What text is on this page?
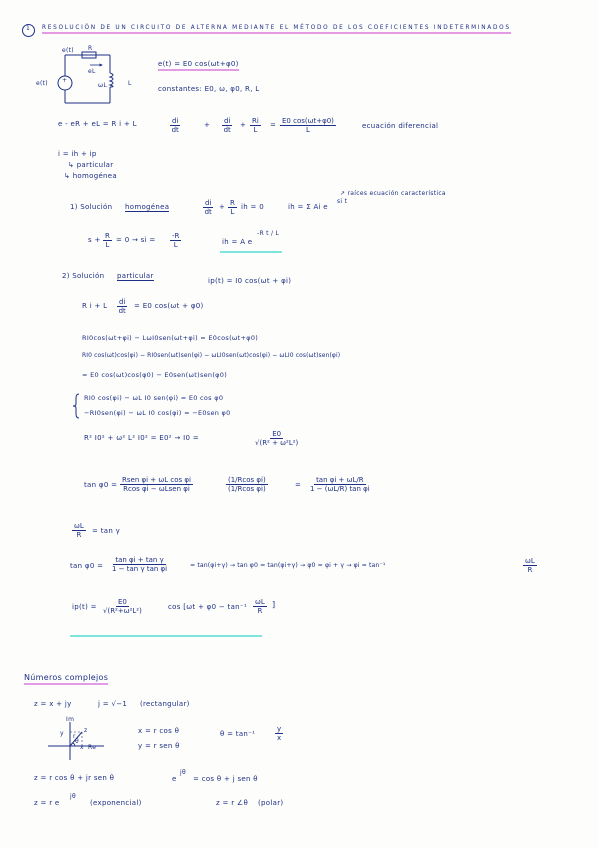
1 RESOLUCIÓN DE UN CIRCUITO DE ALTERNA MEDIANTE EL MÉTODO DE LOS COEFICIENTES INDETERMINADOS
e(t) +
e(t) R
eL
ωL	L
e(t) = E0 cos(ωt+φ0)
constantes: E0, ω, φ0, R, L
e - eR + eL = R i + L	$\frac{di}{dt}$	$\frac{di}{dt}$
+	+ $\frac{Ri}{L} = \frac{E0 \cos(\omega t+\varphi 0)}{L}$	ecuación diferencial
i = ih + ip
↳ particular
↳ homogénea
↗ raíces ecuación característica
1) Solución homogénea	$\frac{di}{dt} + \frac{R}{L}$ ih = 0	ih = Σ Ai e
si t
$s + \frac{R}{L} = 0$ → si = $\frac{-R}{L}$	ih = A e
-R t / L
2) Solución particular
ip(t) = I0 cos(ωt + φi)
R i + L $\frac{di}{dt} = E0$ cos(ωt + φ0)
RI0cos(ωt+φi) − LωI0sen(ωt+φi) = E0cos(ωt+φ0)
RI0 cos(ωt)cos(φi) − RI0sen(ωt)sen(φi) − ωLI0sen(ωt)cos(φi) − ωLI0 cos(ωt)sen(φi)
= E0 cos(ωt)cos(φ0) − E0sen(ωt)sen(φ0)
RI0 cos(φi) − ωL I0 sen(φi) = E0 cos φ0
−RI0sen(φi) − ωL I0 cos(φi) = −E0sen φ0
R² I0² + ω² L² I0² = E0² → I0 =	$\frac{E0}{\text{√(R² + ω²L²)}}$
tan φ0 =
Rsen φi + ωL cos φi
Rcos φi − ωLsen φi	$\frac{\text{(1/Rcos φi)}}{\text{(1/Rcos φi)}}$	= $\frac{\text{tan φi + ωL/R}}{\text{1 − (ωL/R) tan φi}}$
$\frac{\omega L}{R} = \tan \gamma$
$\tan \varphi 0 = \frac{\text{tan φi + tan γ}}{\text{1 − tan γ tan φi}}$	= tan(φi+γ) → tan φ0 = tan(φi+γ) → φ0 = φi + γ → φi = tan⁻¹	$\frac{\omega L}{R}$
$ip(t) = \frac{E0}{\text{√(R²+ω²L²)}}$	$\cos [\omega t + \varphi 0 - \tan^{-1} \frac{\omega L}{R}$ ]
Números complejos
z = x + jy	j = √−1 (rectangular)
Im
Re
x
y	z
r
θ
x = r cos θ
y = r sen θ
θ = tan⁻¹	$\frac{y}{x}$
z = r cos θ + jr sen θ	e
jθ
= cos θ + j sen θ
z = r e
jθ
(exponencial)	z = r ∠θ (polar)
